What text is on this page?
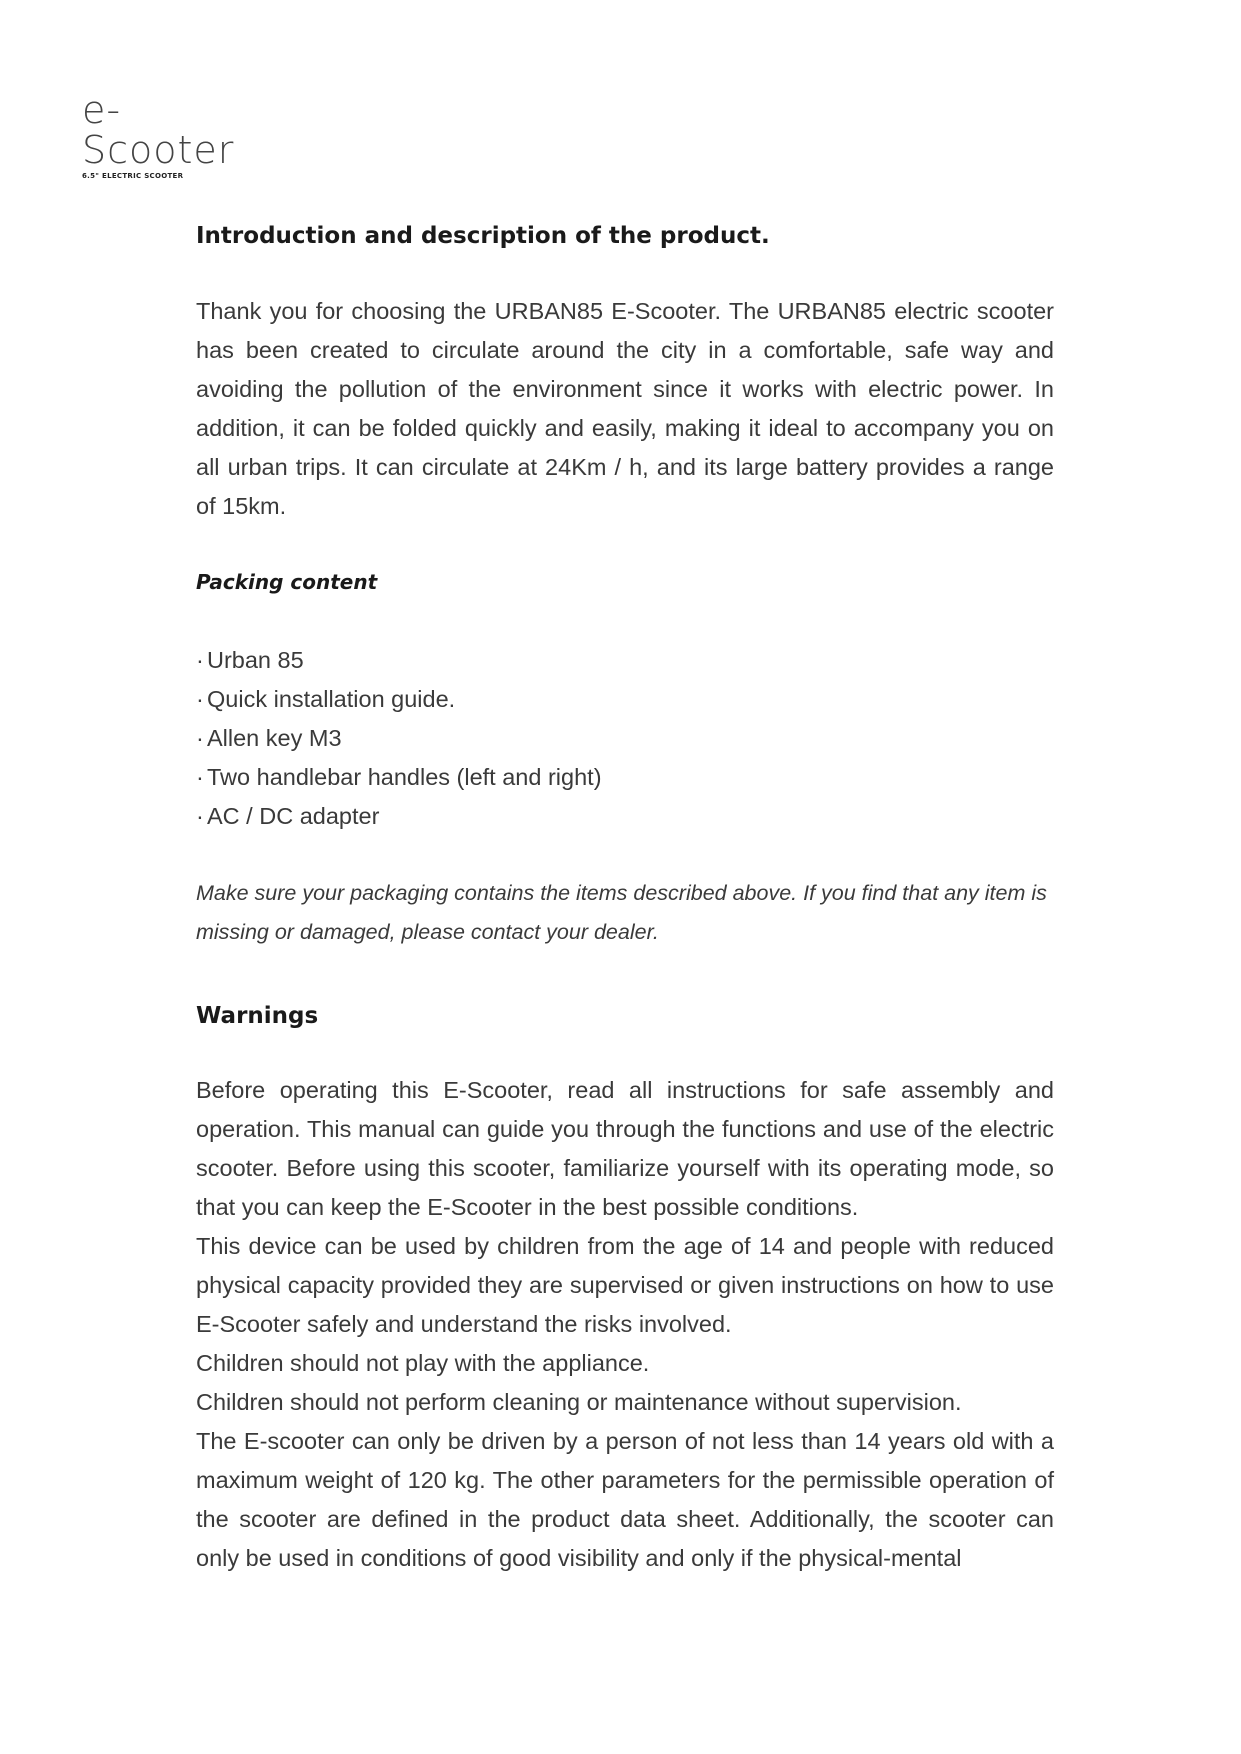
e-Scooter
6.5" ELECTRIC SCOOTER
Introduction and description of the product.

Thank you for choosing the URBAN85 E-Scooter. The URBAN85 electric scooter has been created to circulate around the city in a comfortable, safe way and avoiding the pollution of the environment since it works with electric power. In addition, it can be folded quickly and easily, making it ideal to accompany you on all urban trips. It can circulate at 24Km / h, and its large battery provides a range of 15km.

Packing content
· Urban 85
· Quick installation guide.
· Allen key M3
· Two handlebar handles (left and right)
· AC / DC adapter

Make sure your packaging contains the items described above. If you find that any item is missing or damaged, please contact your dealer.

Warnings
Before operating this E-Scooter, read all instructions for safe assembly and operation. This manual can guide you through the functions and use of the electric scooter. Before using this scooter, familiarize yourself with its operating mode, so that you can keep the E-Scooter in the best possible conditions.
This device can be used by children from the age of 14 and people with reduced physical capacity provided they are supervised or given instructions on how to use E-Scooter safely and understand the risks involved.
Children should not play with the appliance.
Children should not perform cleaning or maintenance without supervision.
The E-scooter can only be driven by a person of not less than 14 years old with a maximum weight of 120 kg. The other parameters for the permissible operation of the scooter are defined in the product data sheet. Additionally, the scooter can only be used in conditions of good visibility and only if the physical-mental
